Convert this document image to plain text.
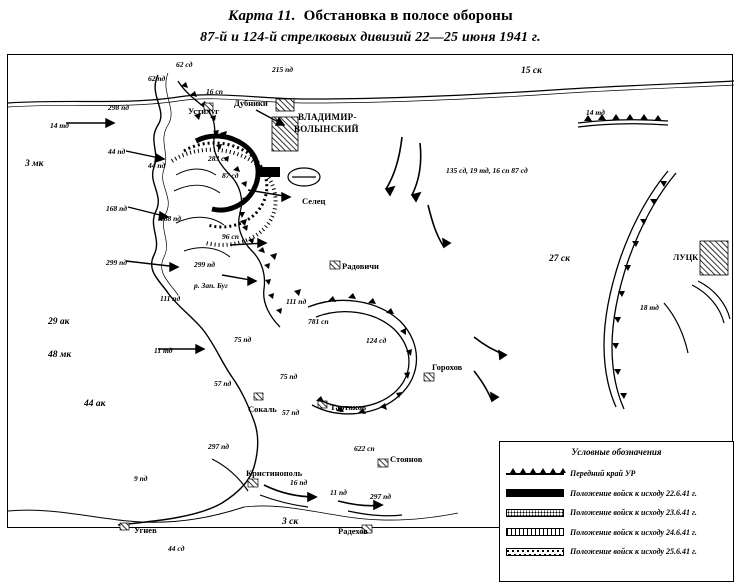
Карта 11. Обстановка в полосе обороны
87-й и 124-й стрелковых дивизий 22—25 июня 1941 г.
62 сд
62 пд
215 пд	15 ск
16 сп
298 пд	Устилуг
Дубники
ВЛАДИМИР-
ВОЛЫНСКИЙ
14 тд
14 тд
3 мк
44 пд
44 пд
283 сп
87 сд
135 сд, 19 тд, 16 сп 87 сд
Селец
168 пд
168 пд
96 сп
299 пд	299 пд
27 ск	ЛУЦК
Радовичи
р. Зап. Буг
111 пд	111 пд
18 тд
781 сп
29 ак
124 сд
48 мк	11 тд
75 пд
Горохов
57 пд
75 пд
44 ак	Сокаль 57 пд
Тартаков
297 пд	622 сп
Стоянов
9 пд
Кристинополь
16 пд
11 пд	297 пд
3 ск
Угнев	Радехов
44 сд
Условные обозначения
Передний край УР
Положение войск к исходу 22.6.41 г.
Положение войск к исходу 23.6.41 г.
Положение войск к исходу 24.6.41 г.
Положение войск к исходу 25.6.41 г.
